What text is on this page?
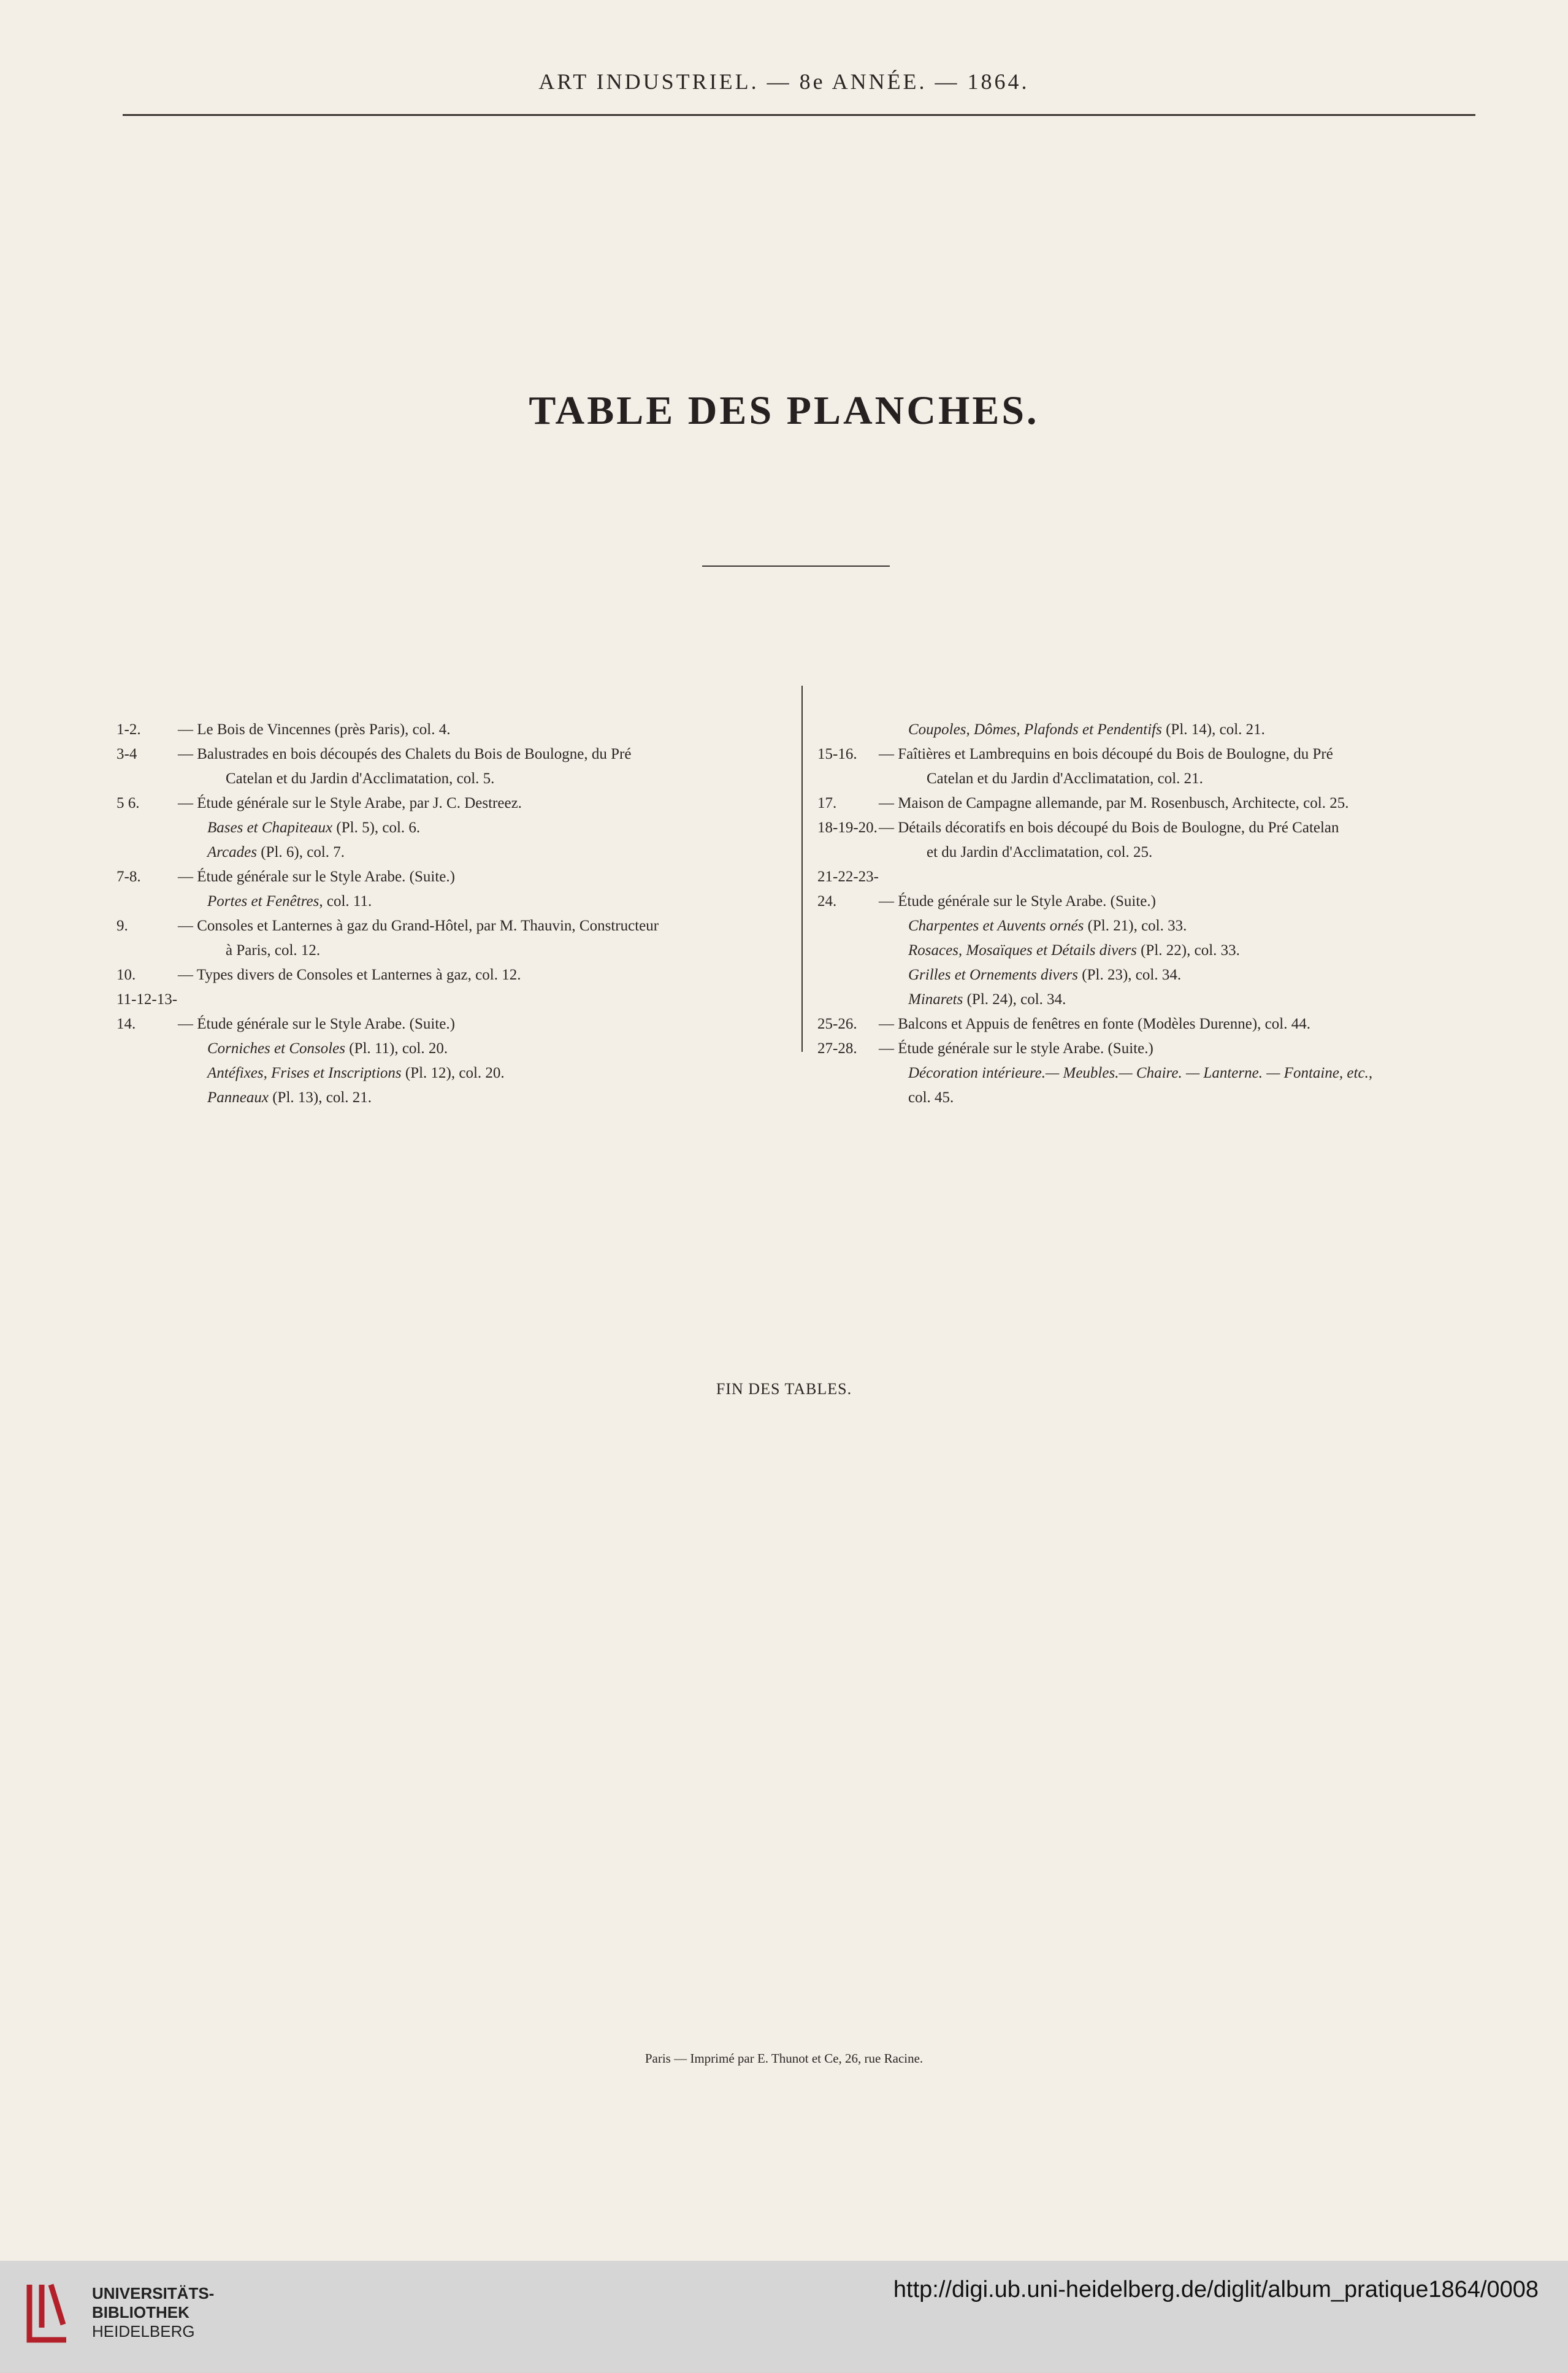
ART INDUSTRIEL. — 8e ANNÉE. — 1864.
TABLE DES PLANCHES.
1-2. — Le Bois de Vincennes (près Paris), col. 4.
3-4	— Balustrades en bois découpés des Chalets du Bois de Boulogne, du Pré
Catelan et du Jardin d'Acclimatation, col. 5.
5 6.	— Étude générale sur le Style Arabe, par J. C. Destreez.
Bases et Chapiteaux (Pl. 5), col. 6.
Arcades (Pl. 6), col. 7.
7-8. — Étude générale sur le Style Arabe. (Suite.)
Portes et Fenêtres, col. 11.
9.	— Consoles et Lanternes à gaz du Grand-Hôtel, par M. Thauvin, Constructeur
à Paris, col. 12.
10.	— Types divers de Consoles et Lanternes à gaz, col. 12.
11-12-13-14.	— Étude générale sur le Style Arabe. (Suite.)
Corniches et Consoles (Pl. 11), col. 20.
Antéfixes, Frises et Inscriptions (Pl. 12), col. 20.
Panneaux (Pl. 13), col. 21.
Coupoles, Dômes, Plafonds et Pendentifs (Pl. 14), col. 21.
15-16. — Faîtières et Lambrequins en bois découpé du Bois de Boulogne, du Pré
Catelan et du Jardin d'Acclimatation, col. 21.
17.	— Maison de Campagne allemande, par M. Rosenbusch, Architecte, col. 25.
18-19-20.— Détails décoratifs en bois découpé du Bois de Boulogne, du Pré Catelan
et du Jardin d'Acclimatation, col. 25.
21-22-23-24.	— Étude générale sur le Style Arabe. (Suite.)
Charpentes et Auvents ornés (Pl. 21), col. 33.
Rosaces, Mosaïques et Détails divers (Pl. 22), col. 33.
Grilles et Ornements divers (Pl. 23), col. 34.
Minarets (Pl. 24), col. 34.
25-26. — Balcons et Appuis de fenêtres en fonte (Modèles Durenne), col. 44.
27-28. — Étude générale sur le style Arabe. (Suite.)
Décoration intérieure.— Meubles.— Chaire. — Lanterne. — Fontaine, etc.,
col. 45.
FIN DES TABLES.
Paris — Imprimé par E. Thunot et Ce, 26, rue Racine.
UNIVERSITÄTS-
BIBLIOTHEK
HEIDELBERG
http://digi.ub.uni-heidelberg.de/diglit/album_pratique1864/0008
